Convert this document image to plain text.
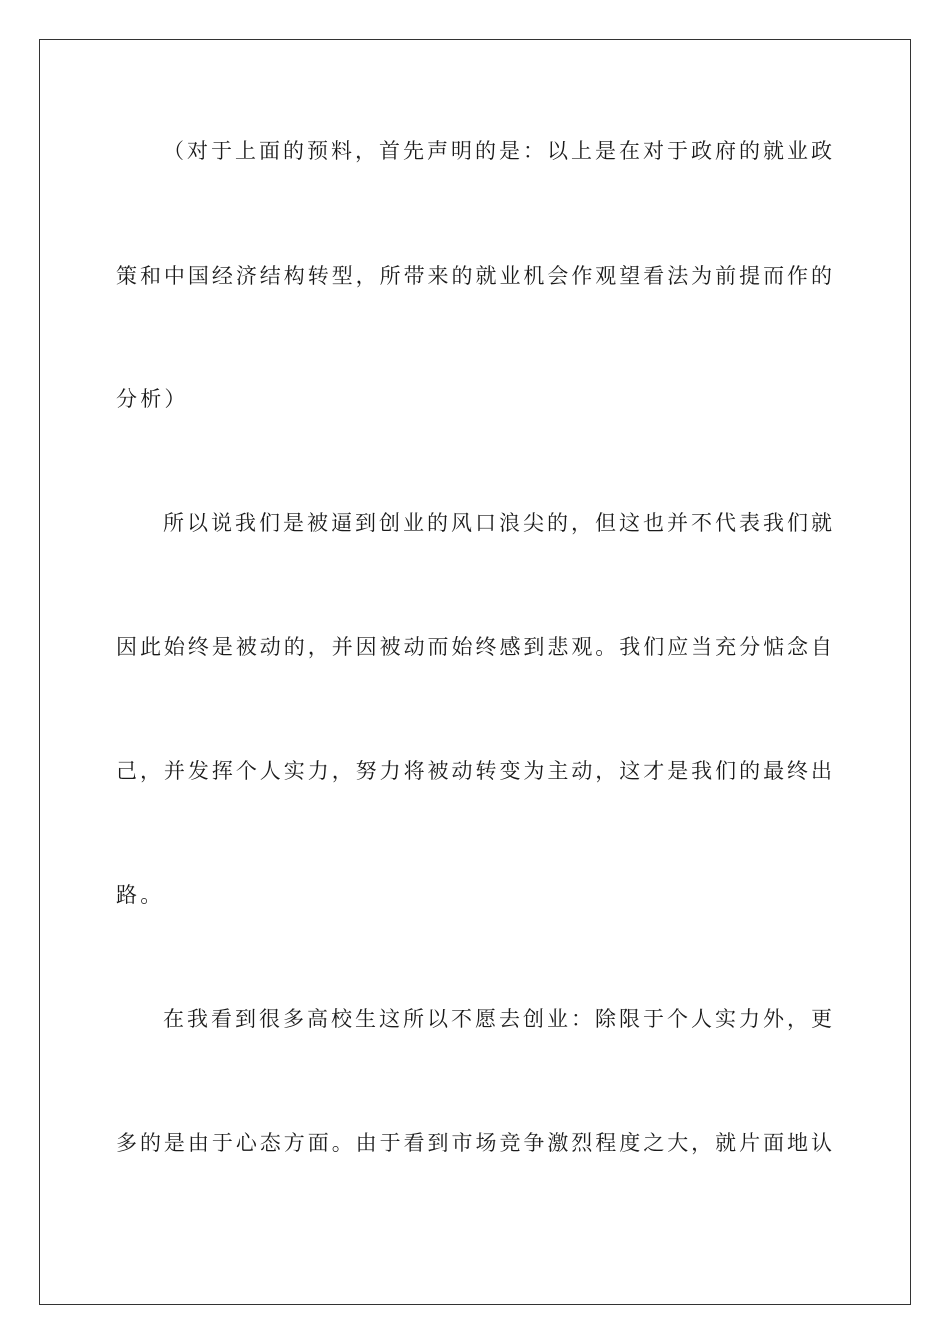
（对于上面的预料，首先声明的是：以上是在对于政府的就业政
策和中国经济结构转型，所带来的就业机会作观望看法为前提而作的
分析）
所以说我们是被逼到创业的风口浪尖的，但这也并不代表我们就
因此始终是被动的，并因被动而始终感到悲观。我们应当充分惦念自
己，并发挥个人实力，努力将被动转变为主动，这才是我们的最终出
路。
在我看到很多高校生这所以不愿去创业：除限于个人实力外，更
多的是由于心态方面。由于看到市场竞争激烈程度之大，就片面地认
